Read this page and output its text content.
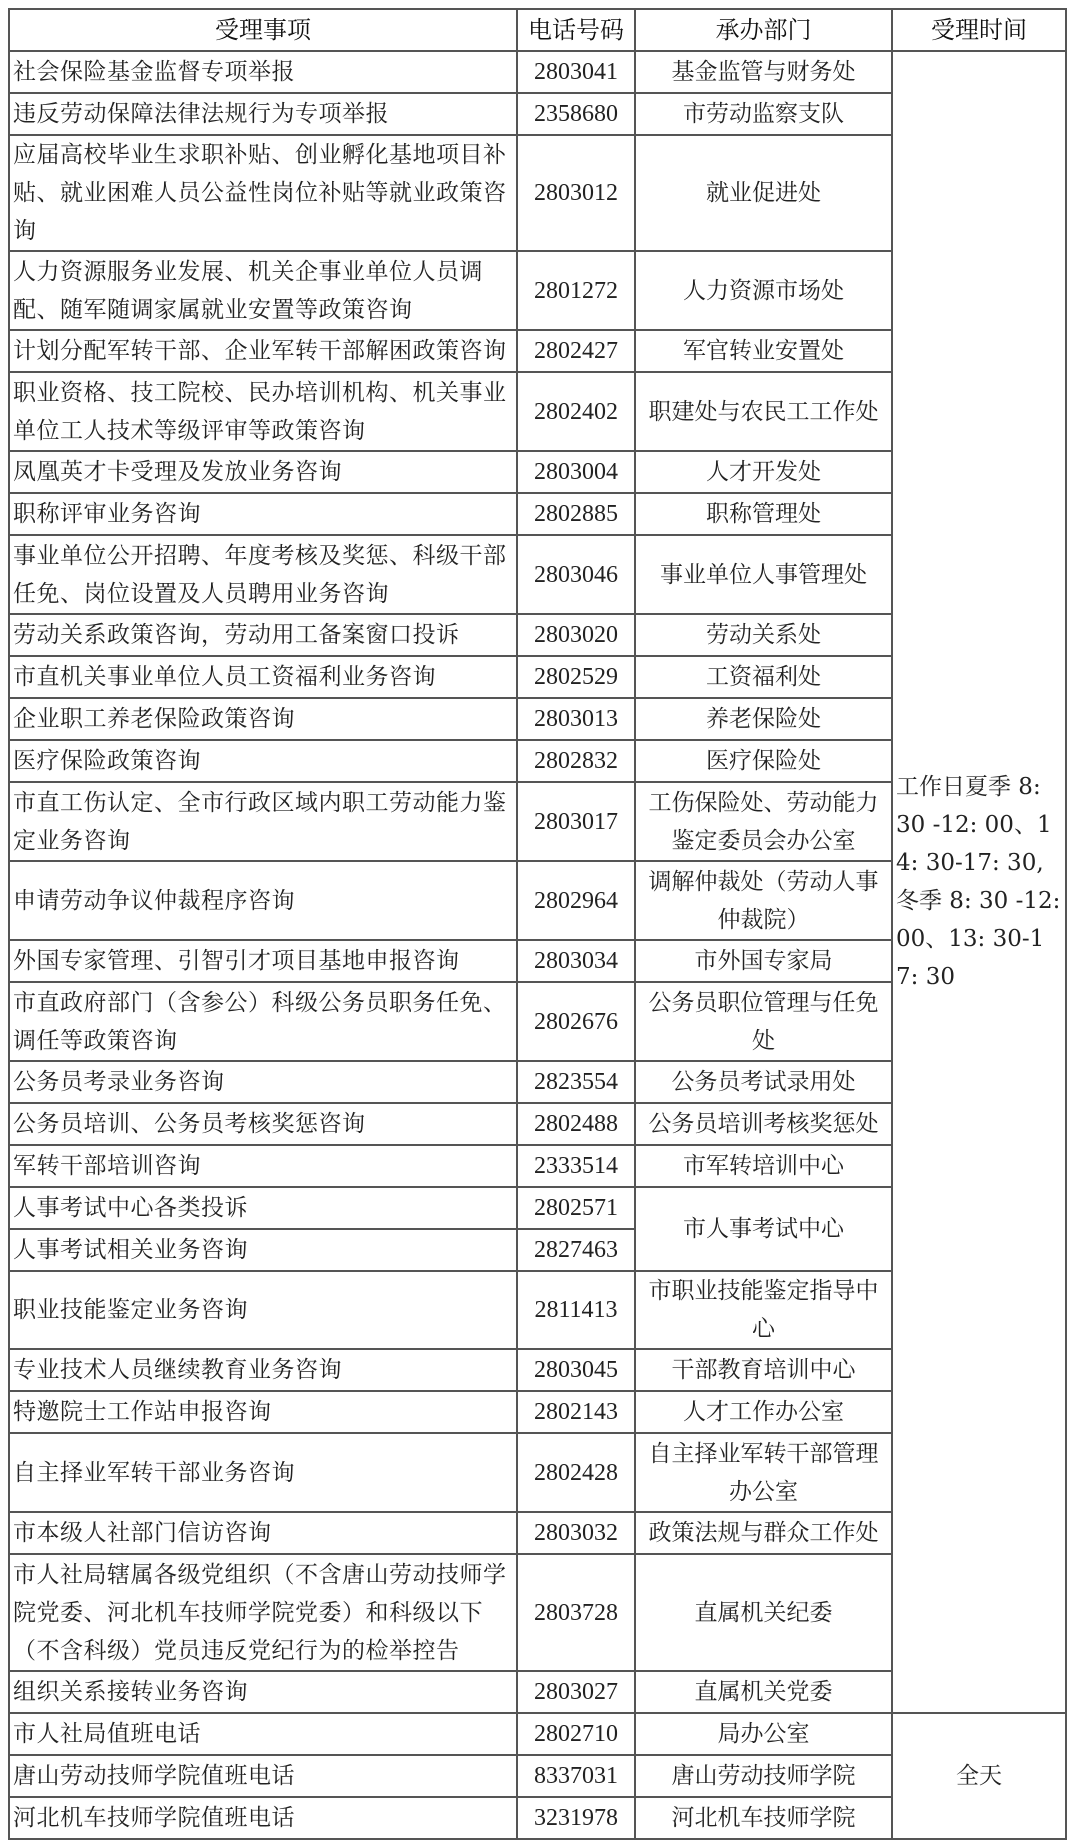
受理事项	电话号码	承办部门	受理时间
社会保险基金监督专项举报	2803041	基金监管与财务处	工作日夏季 8: 30 -12: 00、14: 30-17: 30, 冬季 8: 30 -12: 00、13: 30-17: 30
违反劳动保障法律法规行为专项举报	2358680	市劳动监察支队	
应届高校毕业生求职补贴、创业孵化基地项目补贴、就业困难人员公益性岗位补贴等就业政策咨询	2803012	就业促进处	
人力资源服务业发展、机关企事业单位人员调配、随军随调家属就业安置等政策咨询	2801272	人力资源市场处	
计划分配军转干部、企业军转干部解困政策咨询	2802427	军官转业安置处	
职业资格、技工院校、民办培训机构、机关事业单位工人技术等级评审等政策咨询	2802402	职建处与农民工工作处	
凤凰英才卡受理及发放业务咨询	2803004	人才开发处	
职称评审业务咨询	2802885	职称管理处	
事业单位公开招聘、年度考核及奖惩、科级干部任免、岗位设置及人员聘用业务咨询	2803046	事业单位人事管理处	
劳动关系政策咨询，劳动用工备案窗口投诉	2803020	劳动关系处	
市直机关事业单位人员工资福利业务咨询	2802529	工资福利处	
企业职工养老保险政策咨询	2803013	养老保险处	
医疗保险政策咨询	2802832	医疗保险处	
市直工伤认定、全市行政区域内职工劳动能力鉴定业务咨询	2803017	工伤保险处、劳动能力鉴定委员会办公室	
申请劳动争议仲裁程序咨询	2802964	调解仲裁处（劳动人事仲裁院）	
外国专家管理、引智引才项目基地申报咨询	2803034	市外国专家局	
市直政府部门（含参公）科级公务员职务任免、调任等政策咨询	2802676	公务员职位管理与任免处	
公务员考录业务咨询	2823554	公务员考试录用处	
公务员培训、公务员考核奖惩咨询	2802488	公务员培训考核奖惩处	
军转干部培训咨询	2333514	市军转培训中心	
人事考试中心各类投诉	2802571	市人事考试中心	
人事考试相关业务咨询	2827463		
职业技能鉴定业务咨询	2811413	市职业技能鉴定指导中心	
专业技术人员继续教育业务咨询	2803045	干部教育培训中心	
特邀院士工作站申报咨询	2802143	人才工作办公室	
自主择业军转干部业务咨询	2802428	自主择业军转干部管理办公室	
市本级人社部门信访咨询	2803032	政策法规与群众工作处	
市人社局辖属各级党组织（不含唐山劳动技师学院党委、河北机车技师学院党委）和科级以下（不含科级）党员违反党纪行为的检举控告	2803728	直属机关纪委	
组织关系接转业务咨询	2803027	直属机关党委	
市人社局值班电话	2802710	局办公室	全天
唐山劳动技师学院值班电话	8337031	唐山劳动技师学院	
河北机车技师学院值班电话	3231978	河北机车技师学院	
